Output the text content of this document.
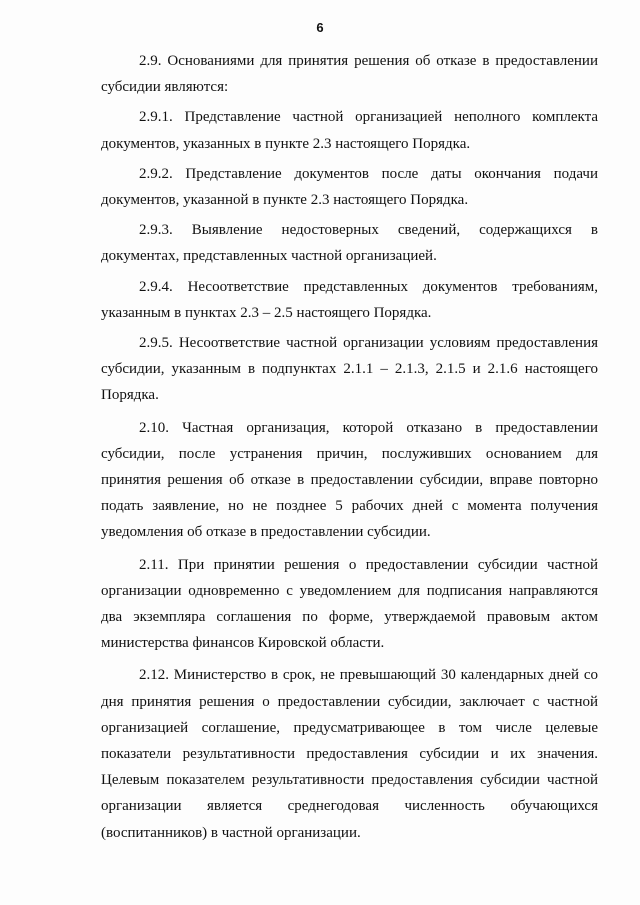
6

2.9. Основаниями для принятия решения об отказе в предоставлении субсидии являются:

2.9.1. Представление частной организацией неполного комплекта документов, указанных в пункте 2.3 настоящего Порядка.

2.9.2. Представление документов после даты окончания подачи документов, указанной в пункте 2.3 настоящего Порядка.

2.9.3. Выявление недостоверных сведений, содержащихся в документах, представленных частной организацией.

2.9.4. Несоответствие представленных документов требованиям, указанным в пунктах 2.3 – 2.5 настоящего Порядка.

2.9.5. Несоответствие частной организации условиям предоставления субсидии, указанным в подпунктах 2.1.1 – 2.1.3, 2.1.5 и 2.1.6 настоящего Порядка.

2.10. Частная организация, которой отказано в предоставлении субсидии, после устранения причин, послуживших основанием для принятия решения об отказе в предоставлении субсидии, вправе повторно подать заявление, но не позднее 5 рабочих дней с момента получения уведомления об отказе в предоставлении субсидии.

2.11. При принятии решения о предоставлении субсидии частной организации одновременно с уведомлением для подписания направляются два экземпляра соглашения по форме, утверждаемой правовым актом министерства финансов Кировской области.

2.12. Министерство в срок, не превышающий 30 календарных дней со дня принятия решения о предоставлении субсидии, заключает с частной организацией соглашение, предусматривающее в том числе целевые показатели результативности предоставления субсидии и их значения. Целевым показателем результативности предоставления субсидии частной организации является среднегодовая численность обучающихся (воспитанников) в частной организации.
